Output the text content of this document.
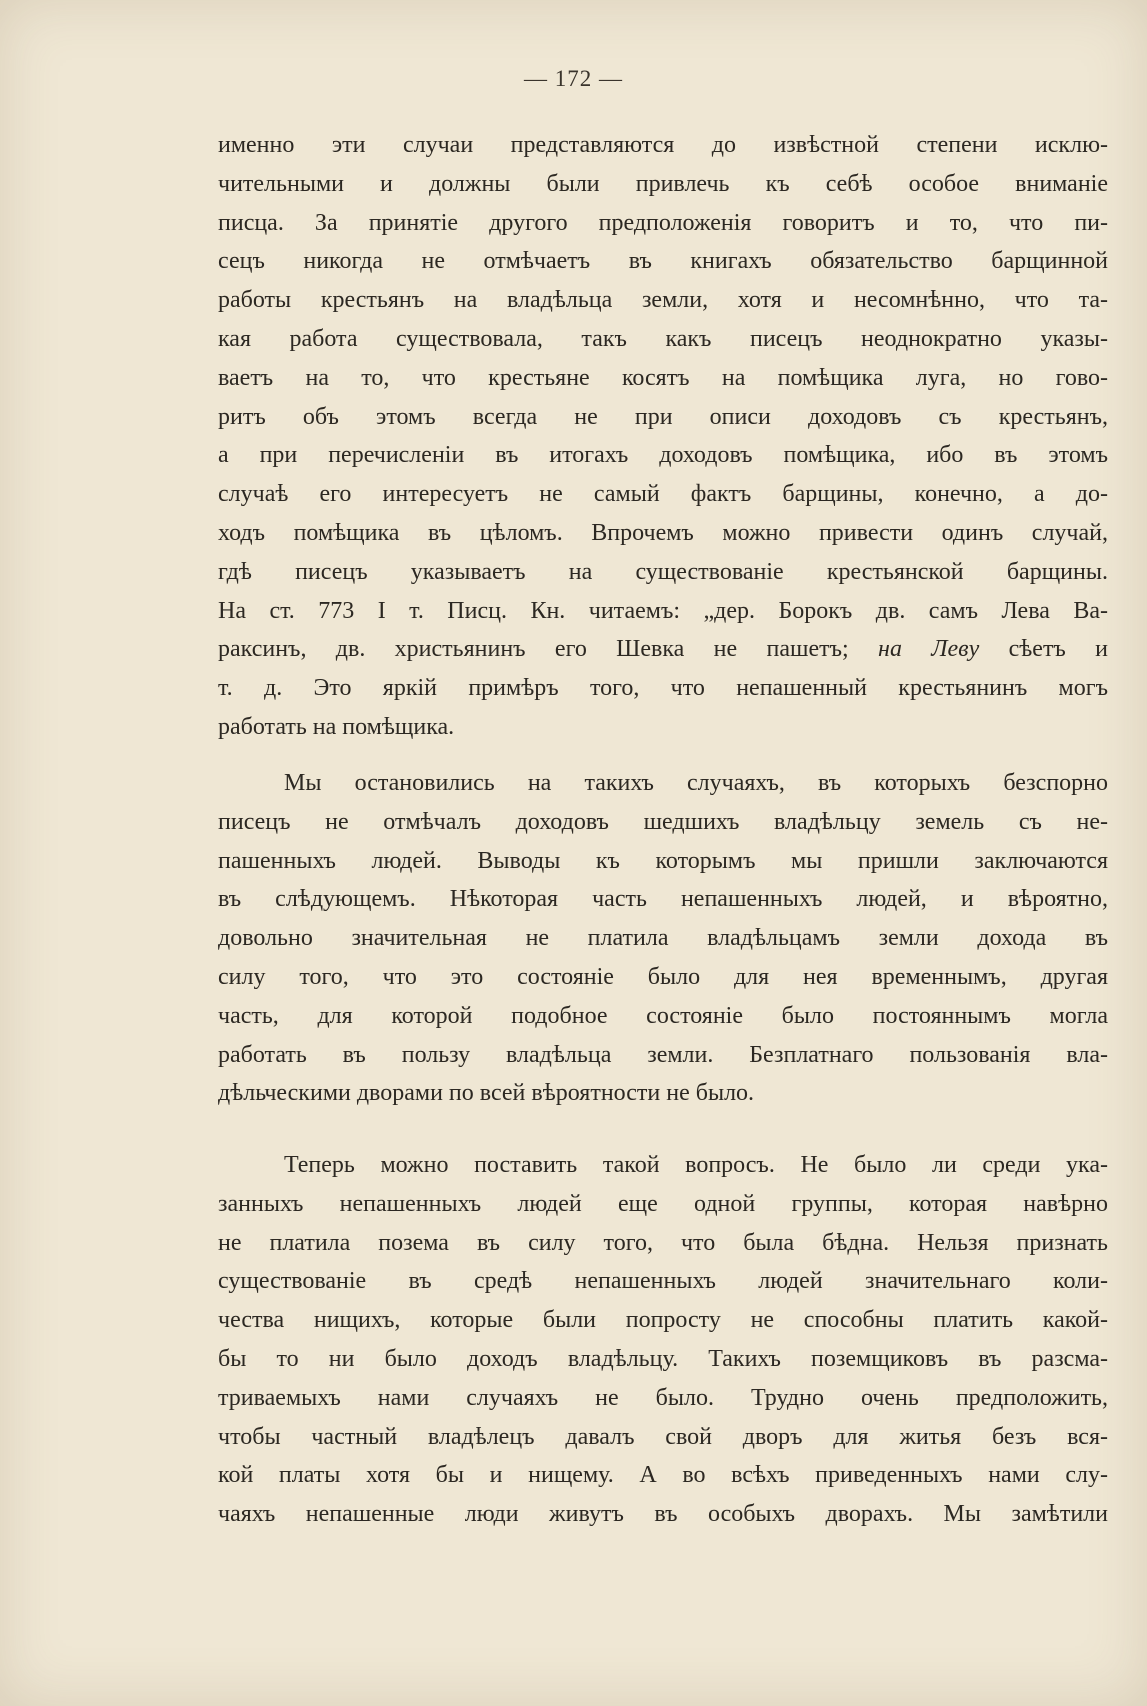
— 172 —
именно эти случаи представляются до извѣстной степени исклю-
чительными и должны были привлечь къ себѣ особое вниманіе
писца. За принятіе другого предположенія говоритъ и то, что пи-
сецъ никогда не отмѣчаетъ въ книгахъ обязательство барщинной
работы крестьянъ на владѣльца земли, хотя и несомнѣнно, что та-
кая работа существовала, такъ какъ писецъ неоднократно указы-
ваетъ на то, что крестьяне косятъ на помѣщика луга, но гово-
ритъ объ этомъ всегда не при описи доходовъ съ крестьянъ,
а при перечисленіи въ итогахъ доходовъ помѣщика, ибо въ этомъ
случаѣ его интересуетъ не самый фактъ барщины, конечно, а до-
ходъ помѣщика въ цѣломъ. Впрочемъ можно привести одинъ случай,
гдѣ писецъ указываетъ на существованіе крестьянской барщины.
На ст. 773 I т. Писц. Кн. читаемъ: „дер. Борокъ дв. самъ Лева Ва-
раксинъ, дв. христьянинъ его Шевка не пашетъ; на Леву сѣетъ и
т. д. Это яркій примѣръ того, что непашенный крестьянинъ могъ
работать на помѣщика.
Мы остановились на такихъ случаяхъ, въ которыхъ безспорно
писецъ не отмѣчалъ доходовъ шедшихъ владѣльцу земель съ не-
пашенныхъ людей. Выводы къ которымъ мы пришли заключаются
въ слѣдующемъ. Нѣкоторая часть непашенныхъ людей, и вѣроятно,
довольно значительная не платила владѣльцамъ земли дохода въ
силу того, что это состояніе было для нея временнымъ, другая
часть, для которой подобное состояніе было постояннымъ могла
работать въ пользу владѣльца земли. Безплатнаго пользованія вла-
дѣльческими дворами по всей вѣроятности не было.
Теперь можно поставить такой вопросъ. Не было ли среди ука-
занныхъ непашенныхъ людей еще одной группы, которая навѣрно
не платила позема въ силу того, что была бѣдна. Нельзя признать
существованіе въ средѣ непашенныхъ людей значительнаго коли-
чества нищихъ, которые были попросту не способны платить какой-
бы то ни было доходъ владѣльцу. Такихъ поземщиковъ въ разсма-
триваемыхъ нами случаяхъ не было. Трудно очень предположить,
чтобы частный владѣлецъ давалъ свой дворъ для житья безъ вся-
кой платы хотя бы и нищему. А во всѣхъ приведенныхъ нами слу-
чаяхъ непашенные люди живутъ въ особыхъ дворахъ. Мы замѣтили
